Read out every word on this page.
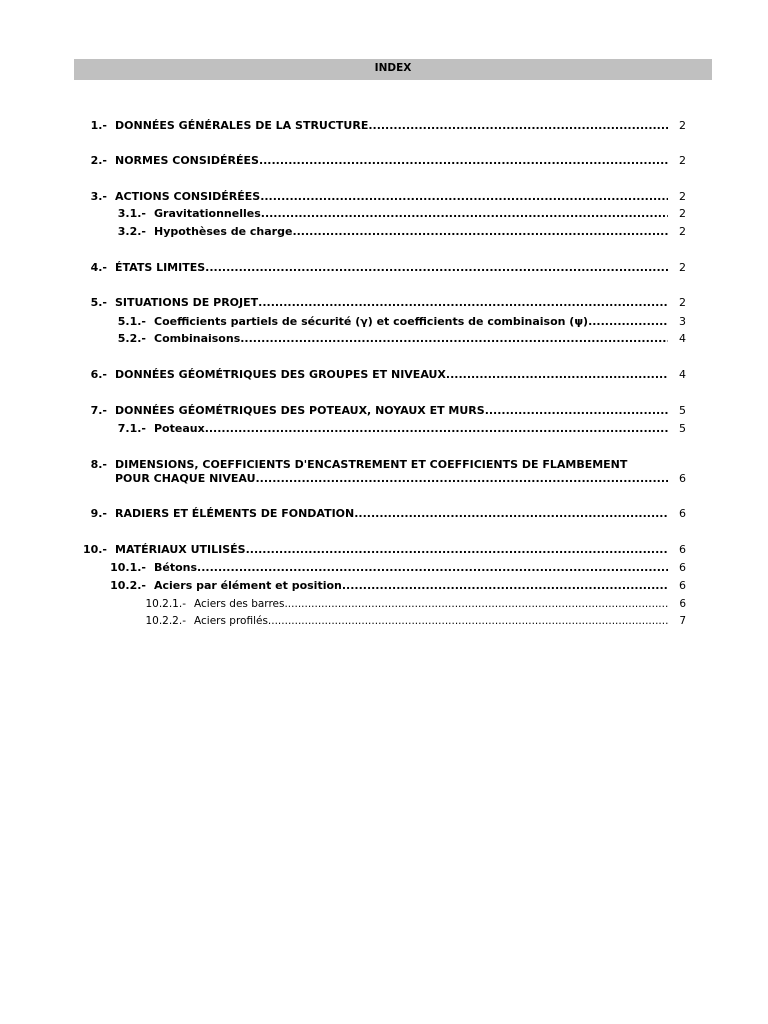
INDEX
1.- DONNÉES GÉNÉRALES DE LA STRUCTURE .....	2
2.- NORMES CONSIDÉRÉES .....	2
3.- ACTIONS CONSIDÉRÉES .....	2
3.1.- Gravitationnelles .....	2
3.2.- Hypothèses de charge .....	2
4.- ÉTATS LIMITES .....	2
5.- SITUATIONS DE PROJET .....	2
5.1.- Coefficients partiels de sécurité (γ) et coefficients de combinaison (ψ) .....	3
5.2.- Combinaisons .....	4
6.- DONNÉES GÉOMÉTRIQUES DES GROUPES ET NIVEAUX .....	4
7.- DONNÉES GÉOMÉTRIQUES DES POTEAUX, NOYAUX ET MURS .....	5
7.1.- Poteaux .....	5
8.- DIMENSIONS, COEFFICIENTS D'ENCASTREMENT ET COEFFICIENTS DE FLAMBEMENT
POUR CHAQUE NIVEAU .....	6
9.- RADIERS ET ÉLÉMENTS DE FONDATION .....	6
10.- MATÉRIAUX UTILISÉS .....	6
10.1.- Bétons .....	6
10.2.- Aciers par élément et position .....	6
10.2.1.- Aciers des barres .....	6
10.2.2.- Aciers profilés .....	7
